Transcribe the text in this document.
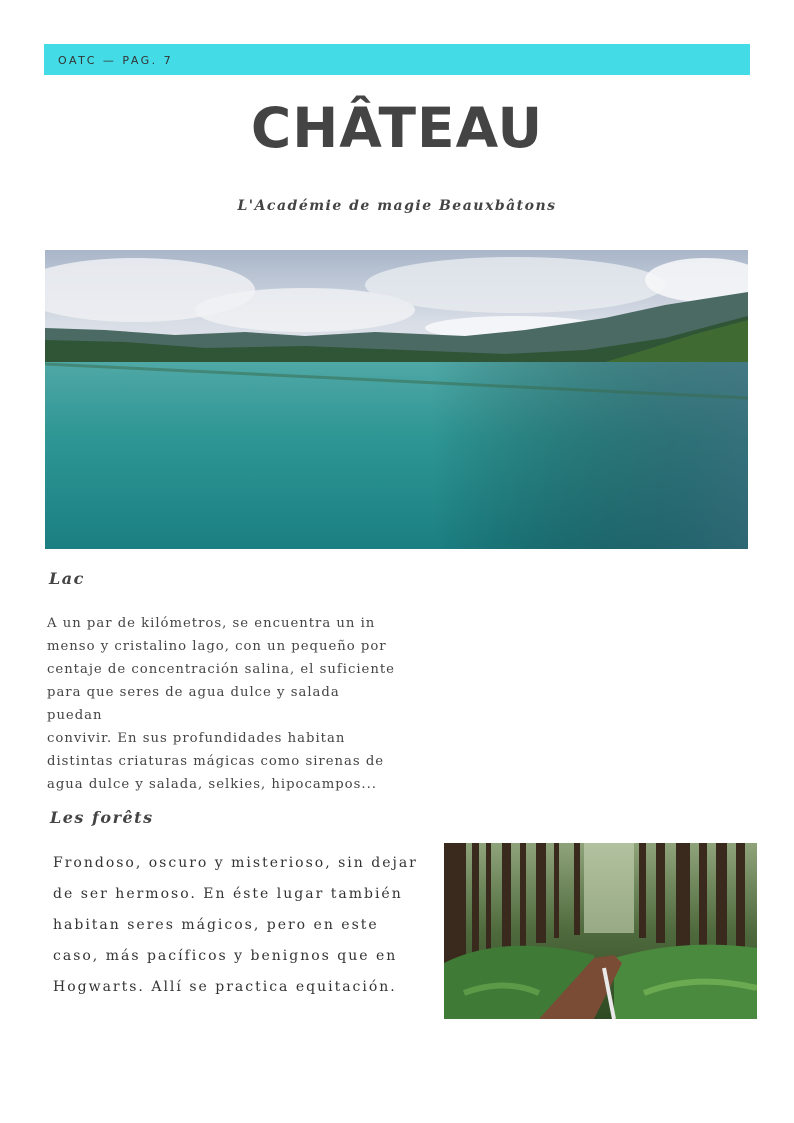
OATC — PAG. 7
CHÂTEAU
L'Académie de magie Beauxbâtons
Lac

A un par de kilómetros, se encuentra un in
menso y cristalino lago, con un pequeño por
centaje de concentración salina, el suficiente
para que seres de agua dulce y salada puedan
convivir. En sus profundidades habitan
distintas criaturas mágicas como sirenas de
agua dulce y salada, selkies, hipocampos...

Les forêts

Frondoso, oscuro y misterioso, sin dejar
de ser hermoso. En éste lugar también
habitan seres mágicos, pero en este
caso, más pacíficos y benignos que en
Hogwarts. Allí se practica equitación.
